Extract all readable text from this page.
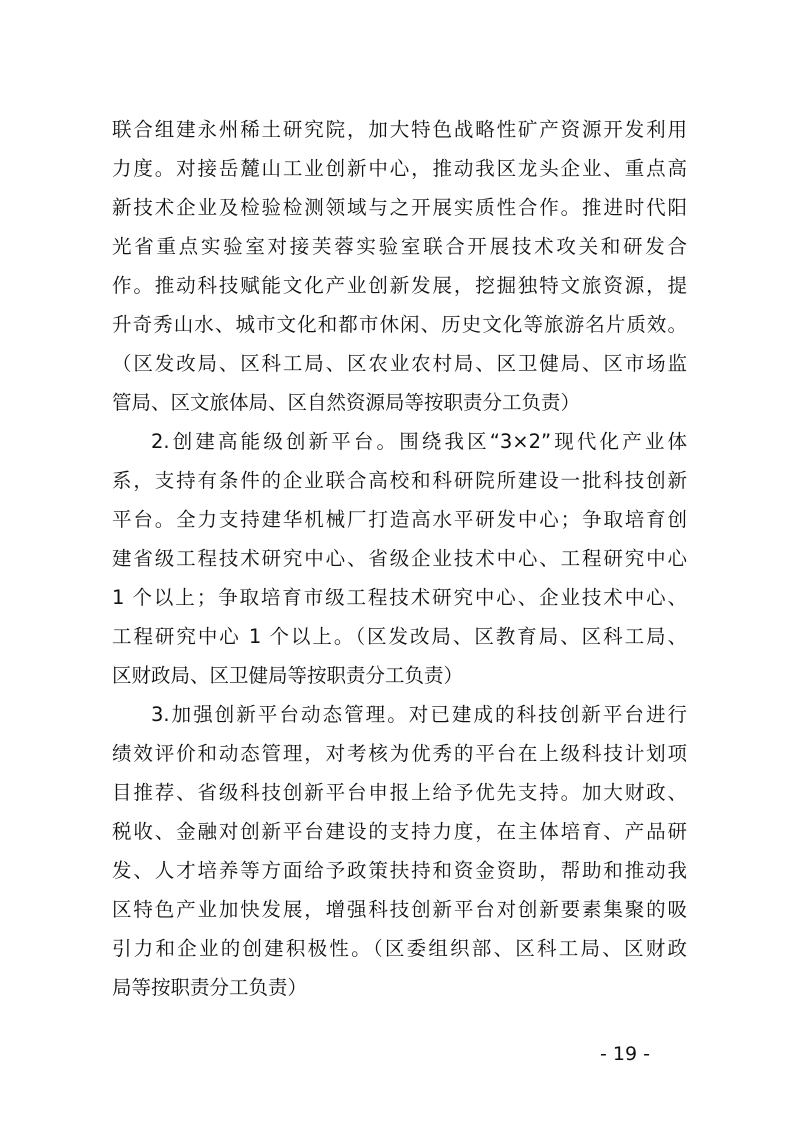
联合组建永州稀土研究院，加大特色战略性矿产资源开发利用
力度。对接岳麓山工业创新中心，推动我区龙头企业、重点高
新技术企业及检验检测领域与之开展实质性合作。推进时代阳
光省重点实验室对接芙蓉实验室联合开展技术攻关和研发合
作。推动科技赋能文化产业创新发展，挖掘独特文旅资源，提
升奇秀山水、城市文化和都市休闲、历史文化等旅游名片质效。
（区发改局、区科工局、区农业农村局、区卫健局、区市场监
管局、区文旅体局、区自然资源局等按职责分工负责）
2.创建高能级创新平台。围绕我区“3×2”现代化产业体
系，支持有条件的企业联合高校和科研院所建设一批科技创新
平台。全力支持建华机械厂打造高水平研发中心；争取培育创
建省级工程技术研究中心、省级企业技术中心、工程研究中心
1 个以上；争取培育市级工程技术研究中心、企业技术中心、
工程研究中心 1 个以上。（区发改局、区教育局、区科工局、
区财政局、区卫健局等按职责分工负责）
3.加强创新平台动态管理。对已建成的科技创新平台进行
绩效评价和动态管理，对考核为优秀的平台在上级科技计划项
目推荐、省级科技创新平台申报上给予优先支持。加大财政、
税收、金融对创新平台建设的支持力度，在主体培育、产品研
发、人才培养等方面给予政策扶持和资金资助，帮助和推动我
区特色产业加快发展，增强科技创新平台对创新要素集聚的吸
引力和企业的创建积极性。（区委组织部、区科工局、区财政
局等按职责分工负责）
- 19 -
